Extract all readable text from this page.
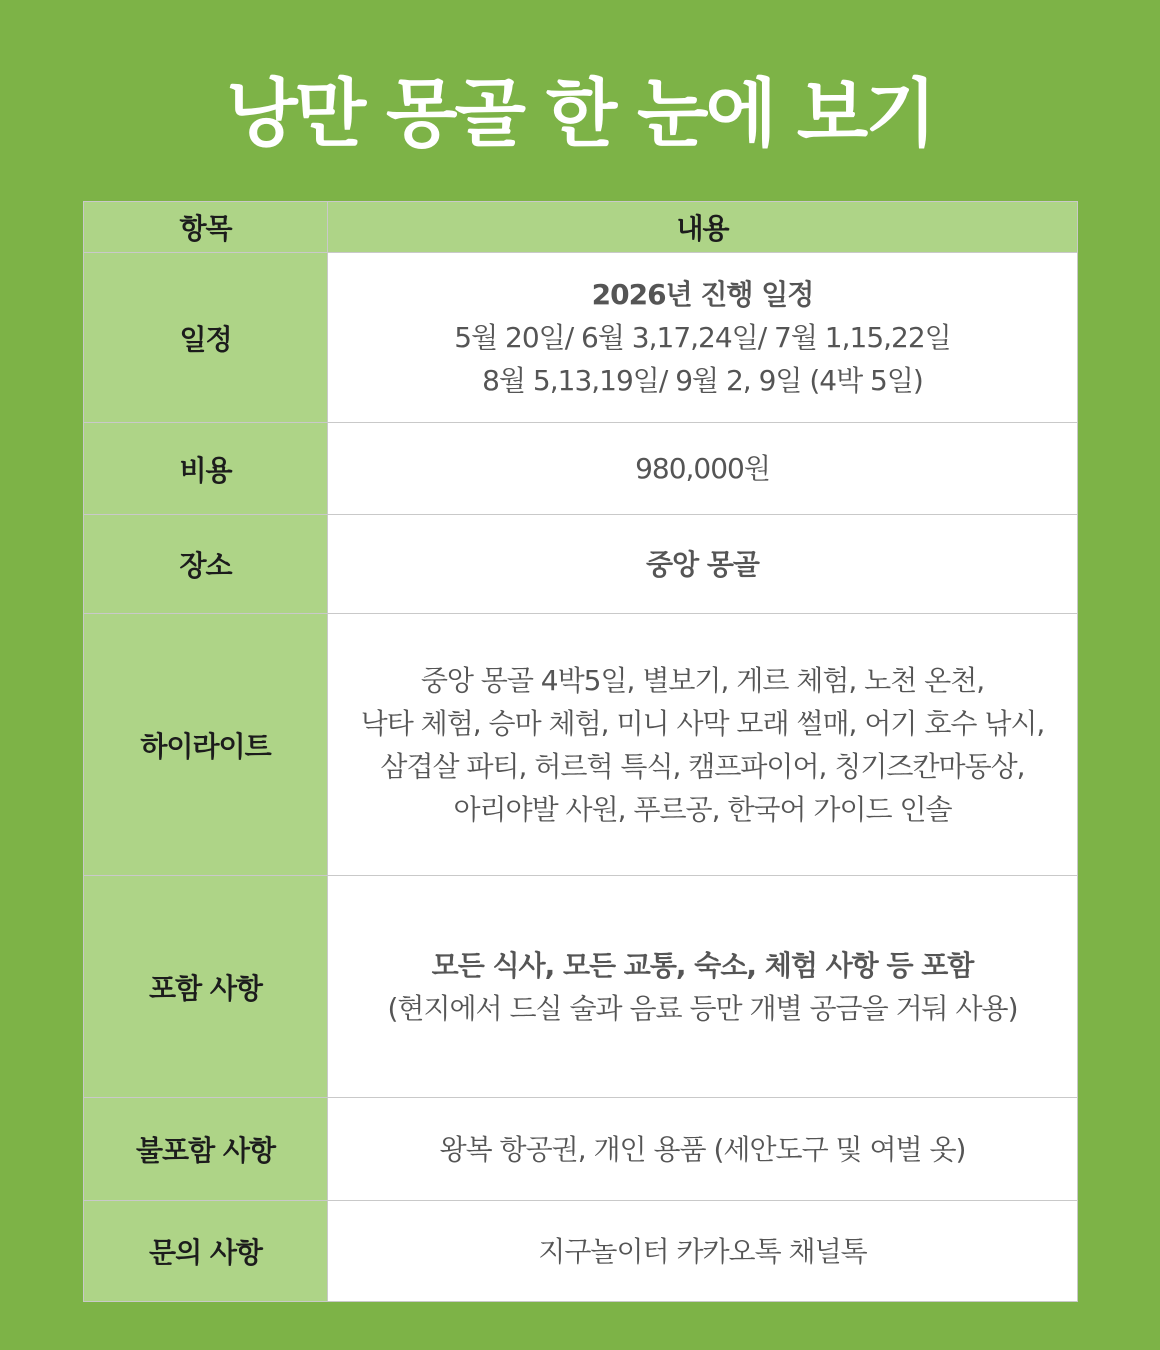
낭만 몽골 한 눈에 보기
항목	내용
일정	2026년 진행 일정
5월 20일/ 6월 3,17,24일/ 7월 1,15,22일
8월 5,13,19일/ 9월 2, 9일 (4박 5일)

비용	980,000원

장소	중앙 몽골

하이라이트	중앙 몽골 4박5일, 별보기, 게르 체험, 노천 온천,
낙타 체험, 승마 체험, 미니 사막 모래 썰매, 어기 호수 낚시,
삼겹살 파티, 허르헉 특식, 캠프파이어, 칭기즈칸마동상,
아리야발 사원, 푸르공, 한국어 가이드 인솔

포함 사항	모든 식사, 모든 교통, 숙소, 체험 사항 등 포함
(현지에서 드실 술과 음료 등만 개별 공금을 거둬 사용)

불포함 사항	왕복 항공권, 개인 용품 (세안도구 및 여벌 옷)

문의 사항	지구놀이터 카카오톡 채널톡
